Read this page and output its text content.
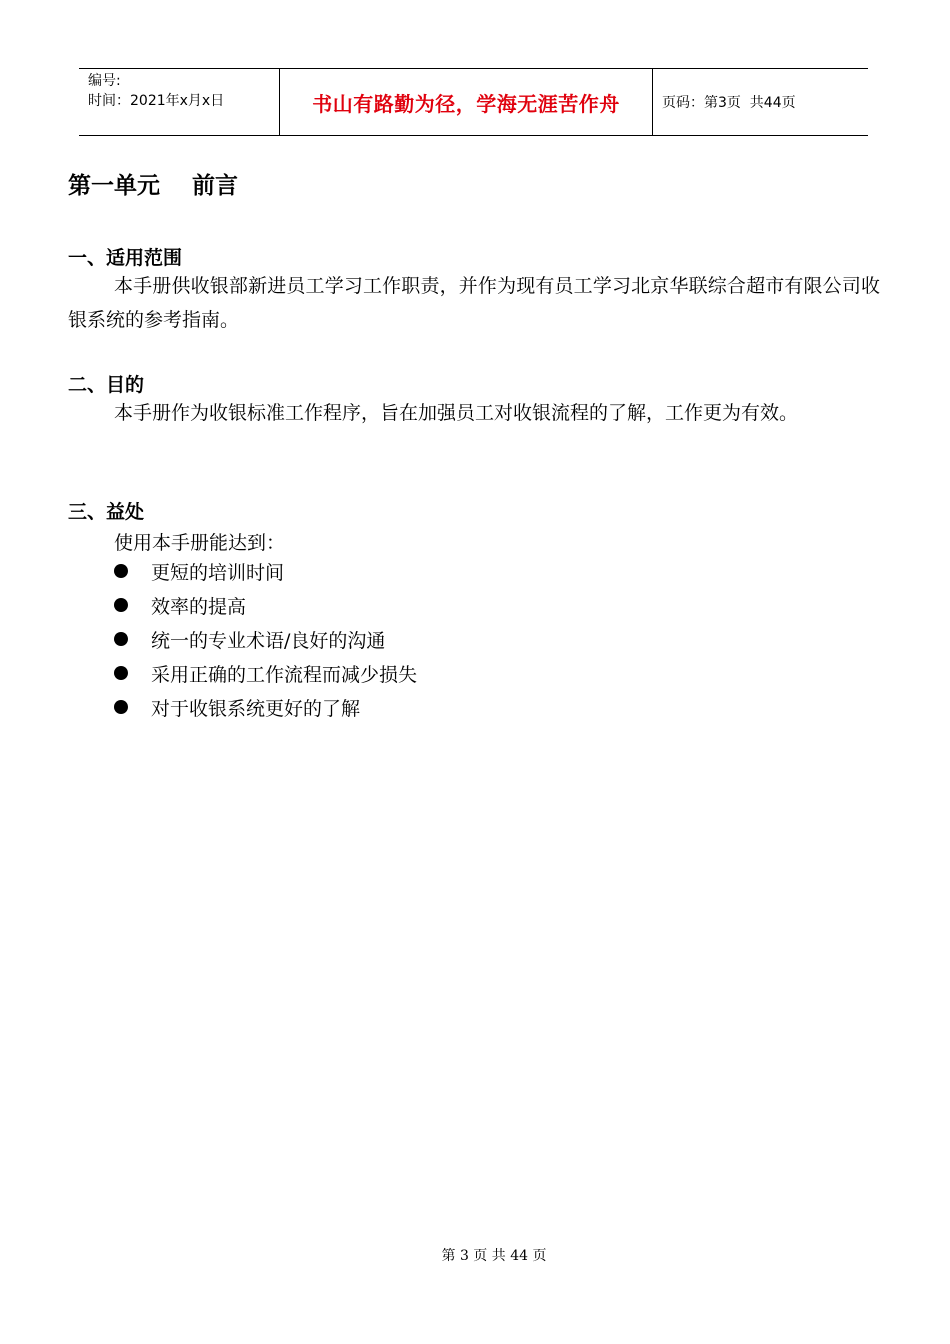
编号:
时间：2021年x月x日	书山有路勤为径，学海无涯苦作舟	页码：第3页  共44页
第一单元    前言
一、适用范围
本手册供收银部新进员工学习工作职责，并作为现有员工学习北京华联综合超市有限公司收银系统的参考指南。
二、目的
本手册作为收银标准工作程序，旨在加强员工对收银流程的了解，工作更为有效。
三、益处
使用本手册能达到：
更短的培训时间
效率的提高
统一的专业术语/良好的沟通
采用正确的工作流程而减少损失
对于收银系统更好的了解
第 3 页 共 44 页
